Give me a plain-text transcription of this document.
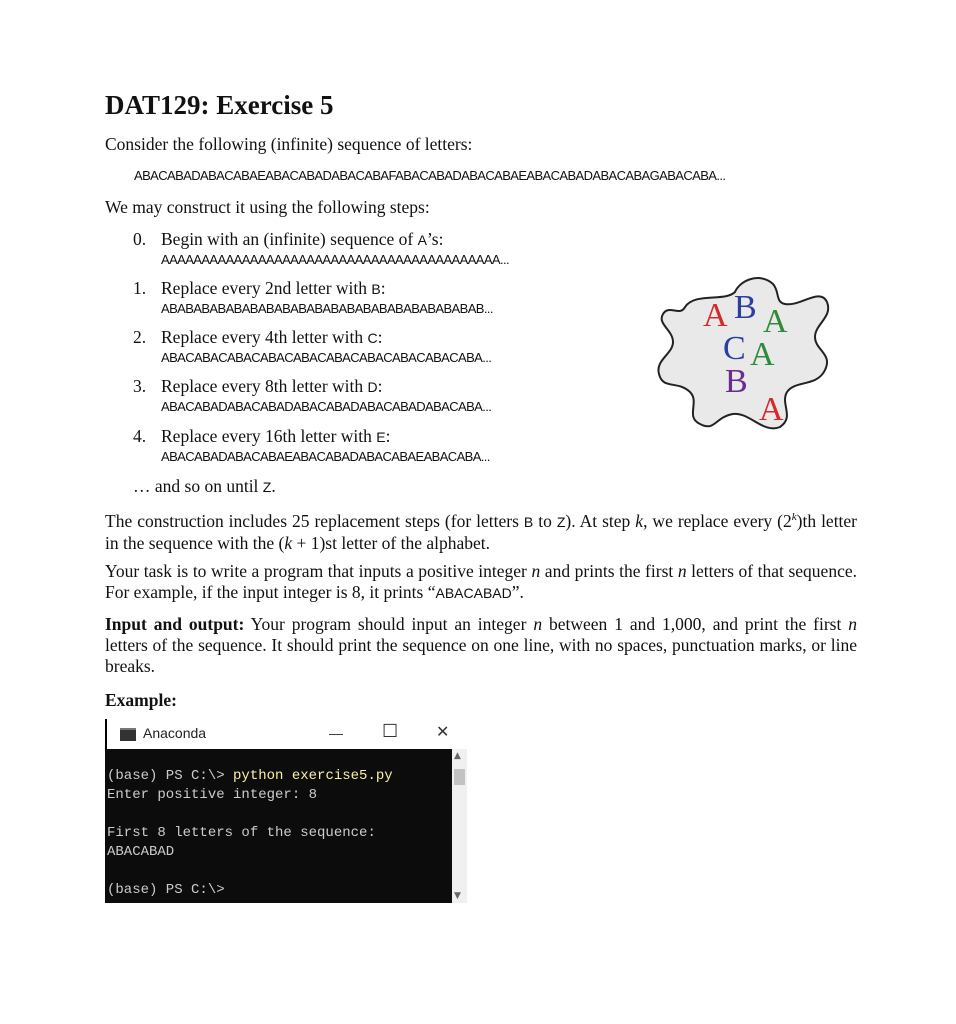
DAT129: Exercise 5

Consider the following (infinite) sequence of letters:

ABACABADABACABAEABACABADABACABAFABACABADABACABAEABACABADABACABAGABACABA...

We may construct it using the following steps:

0. Begin with an (infinite) sequence of A’s:

AAAAAAAAAAAAAAAAAAAAAAAAAAAAAAAAAAAAAAAAAA...

1. Replace every 2nd letter with B:

ABABABABABABABABABABABABABABABABABABABAB...

2. Replace every 4th letter with C:

ABACABACABACABACABACABACABACABACABACABA...

3. Replace every 8th letter with D:

ABACABADABACABADABACABADABACABADABACABA...

4. Replace every 16th letter with E:

ABACABADABACABAEABACABADABACABAEABACABA...

… and so on until Z.

A B A
C A
B
A

The construction includes 25 replacement steps (for letters B to Z). At step k, we replace every (2$^k$)th letter in the sequence with the (k + 1)st letter of the alphabet.

Your task is to write a program that inputs a positive integer n and prints the first n letters of that sequence. For example, if the input integer is 8, it prints “ABACABAD”.

Input and output: Your program should input an integer n between 1 and 1,000, and print the first n letters of the sequence. It should print the sequence on one line, with no spaces, punctuation marks, or line breaks.

Example:

Anaconda	— ☐ ✕
(base) PS C:\> python exercise5.py
Enter positive integer: 8

First 8 letters of the sequence:
ABACABAD

(base) PS C:\>
▲
▼
